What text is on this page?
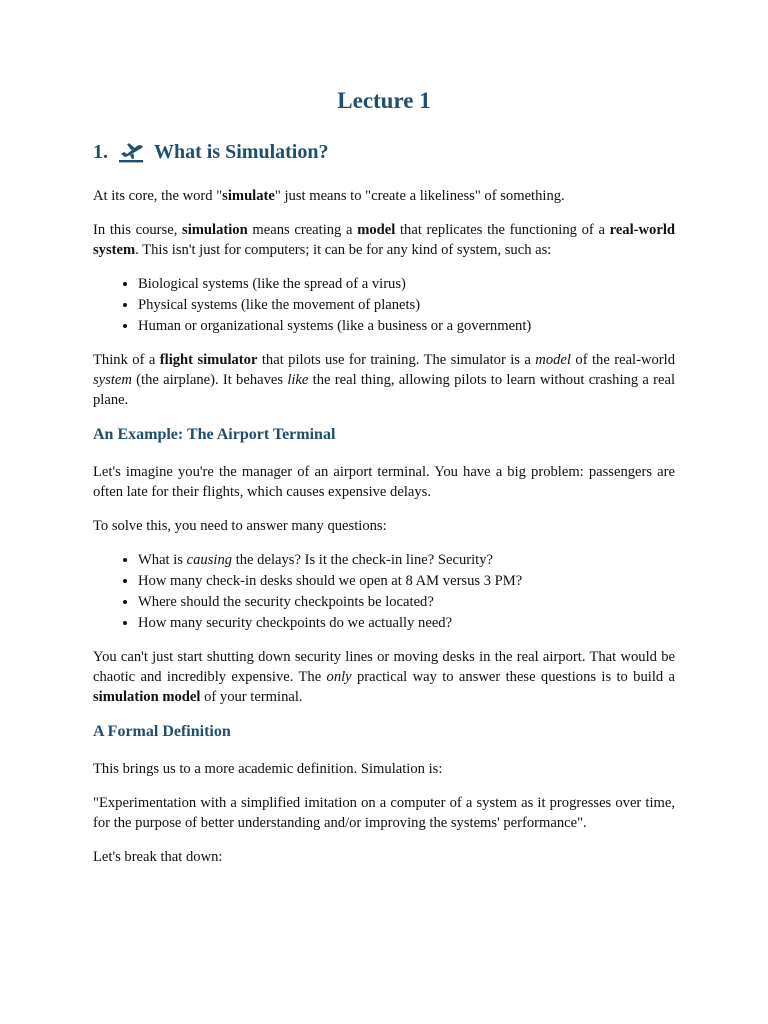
Lecture 1
1. What is Simulation?

At its core, the word "simulate" just means to "create a likeliness" of something.

In this course, simulation means creating a model that replicates the functioning of a real-world system. This isn't just for computers; it can be for any kind of system, such as:

• Biological systems (like the spread of a virus)
• Physical systems (like the movement of planets)
• Human or organizational systems (like a business or a government)

Think of a flight simulator that pilots use for training. The simulator is a model of the real-world system (the airplane). It behaves like the real thing, allowing pilots to learn without crashing a real plane.

An Example: The Airport Terminal

Let's imagine you're the manager of an airport terminal. You have a big problem: passengers are often late for their flights, which causes expensive delays.

To solve this, you need to answer many questions:

• What is causing the delays? Is it the check-in line? Security?
• How many check-in desks should we open at 8 AM versus 3 PM?
• Where should the security checkpoints be located?
• How many security checkpoints do we actually need?

You can't just start shutting down security lines or moving desks in the real airport. That would be chaotic and incredibly expensive. The only practical way to answer these questions is to build a simulation model of your terminal.

A Formal Definition

This brings us to a more academic definition. Simulation is:

"Experimentation with a simplified imitation on a computer of a system as it progresses over time, for the purpose of better understanding and/or improving the systems' performance".

Let's break that down:
